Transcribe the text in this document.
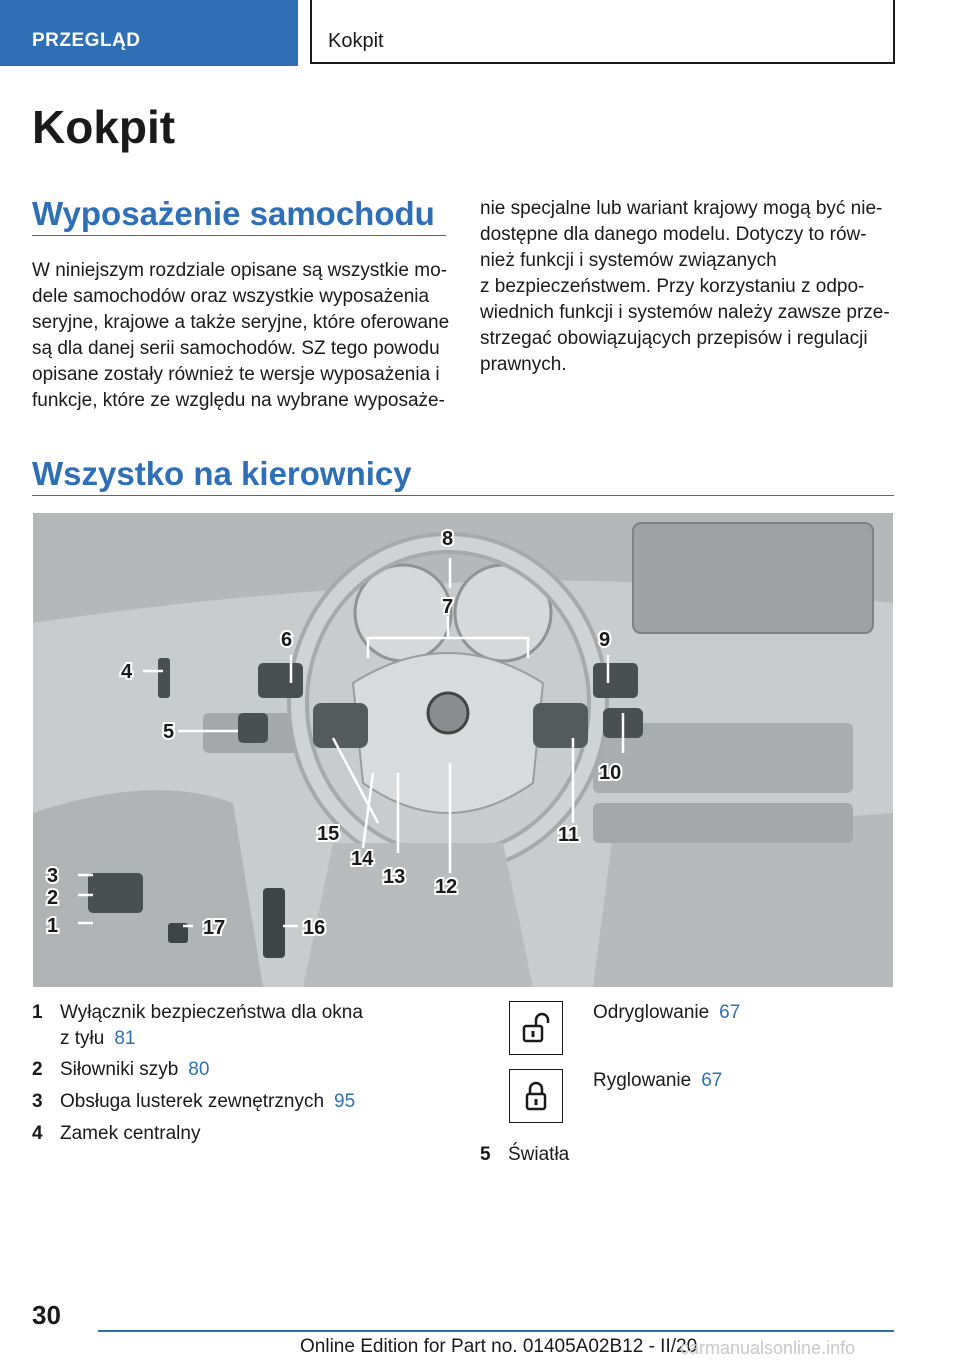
PRZEGLĄD	Kokpit
Kokpit
Wyposażenie samochodu
W niniejszym rozdziale opisane są wszystkie mo‐
dele samochodów oraz wszystkie wyposażenia
seryjne, krajowe a także seryjne, które oferowane
są dla danej serii samochodów. SZ tego powodu
opisane zostały również te wersje wyposażenia i
funkcje, które ze względu na wybrane wyposaże‐
nie specjalne lub wariant krajowy mogą być nie‐
dostępne dla danego modelu. Dotyczy to rów‐
nież funkcji i systemów związanych
z bezpieczeństwem. Przy korzystaniu z odpo‐
wiednich funkcji i systemów należy zawsze prze‐
strzegać obowiązujących przepisów i regulacji
prawnych.
Wszystko na kierownicy
8
7
6	9
4
5
10
11
15
14
13 12
3
2
1	17	16
1 Wyłącznik bezpieczeństwa dla okna
z tyłu 81
2 Siłowniki szyb 80
3 Obsługa lusterek zewnętrznych 95
4 Zamek centralny
Odryglowanie 67
Ryglowanie 67
5 Światła
30
Online Edition for Part no. 01405A02B12 - II/20
carmanualsonline.info
